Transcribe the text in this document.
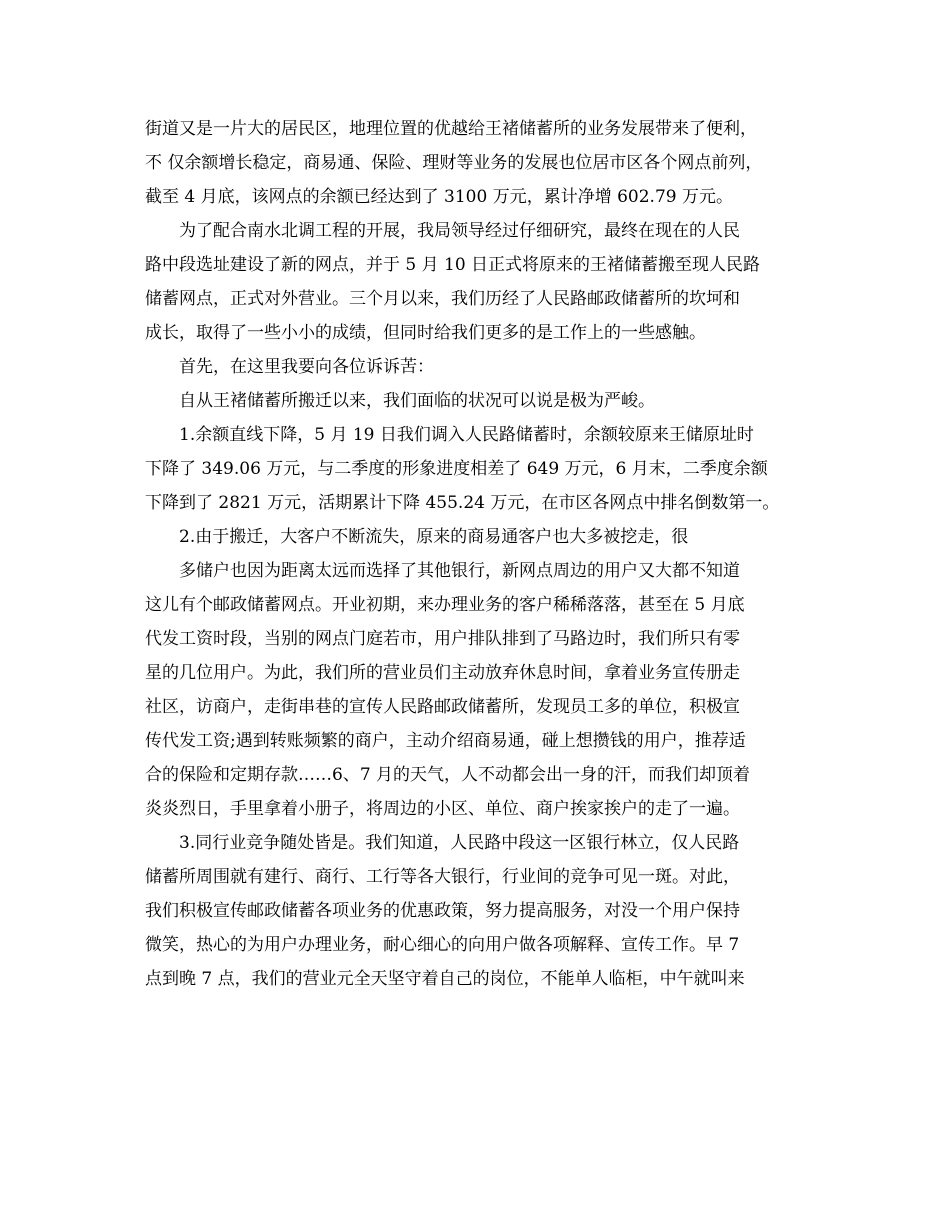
街道又是一片大的居民区，地理位置的优越给王褚储蓄所的业务发展带来了便利，
不 仅余额增长稳定，商易通、保险、理财等业务的发展也位居市区各个网点前列，
截至 4 月底，该网点的余额已经达到了 3100 万元，累计净增 602.79 万元。
为了配合南水北调工程的开展，我局领导经过仔细研究，最终在现在的人民
路中段选址建设了新的网点，并于 5 月 10 日正式将原来的王褚储蓄搬至现人民路
储蓄网点，正式对外营业。三个月以来，我们历经了人民路邮政储蓄所的坎坷和
成长，取得了一些小小的成绩，但同时给我们更多的是工作上的一些感触。
首先，在这里我要向各位诉诉苦：
自从王褚储蓄所搬迁以来，我们面临的状况可以说是极为严峻。
1.余额直线下降，5 月 19 日我们调入人民路储蓄时，余额较原来王储原址时
下降了 349.06 万元，与二季度的形象进度相差了 649 万元，6 月末，二季度余额
下降到了 2821 万元，活期累计下降 455.24 万元，在市区各网点中排名倒数第一。
2.由于搬迁，大客户不断流失，原来的商易通客户也大多被挖走，很
多储户也因为距离太远而选择了其他银行，新网点周边的用户又大都不知道
这儿有个邮政储蓄网点。开业初期，来办理业务的客户稀稀落落，甚至在 5 月底
代发工资时段，当别的网点门庭若市，用户排队排到了马路边时，我们所只有零
星的几位用户。为此，我们所的营业员们主动放弃休息时间，拿着业务宣传册走
社区，访商户，走街串巷的宣传人民路邮政储蓄所，发现员工多的单位，积极宣
传代发工资;遇到转账频繁的商户，主动介绍商易通，碰上想攒钱的用户，推荐适
合的保险和定期存款……6、7 月的天气，人不动都会出一身的汗，而我们却顶着
炎炎烈日，手里拿着小册子，将周边的小区、单位、商户挨家挨户的走了一遍。
3.同行业竞争随处皆是。我们知道，人民路中段这一区银行林立，仅人民路
储蓄所周围就有建行、商行、工行等各大银行，行业间的竞争可见一斑。对此，
我们积极宣传邮政储蓄各项业务的优惠政策，努力提高服务，对没一个用户保持
微笑，热心的为用户办理业务，耐心细心的向用户做各项解释、宣传工作。早 7
点到晚 7 点，我们的营业元全天坚守着自己的岗位，不能单人临柜，中午就叫来
